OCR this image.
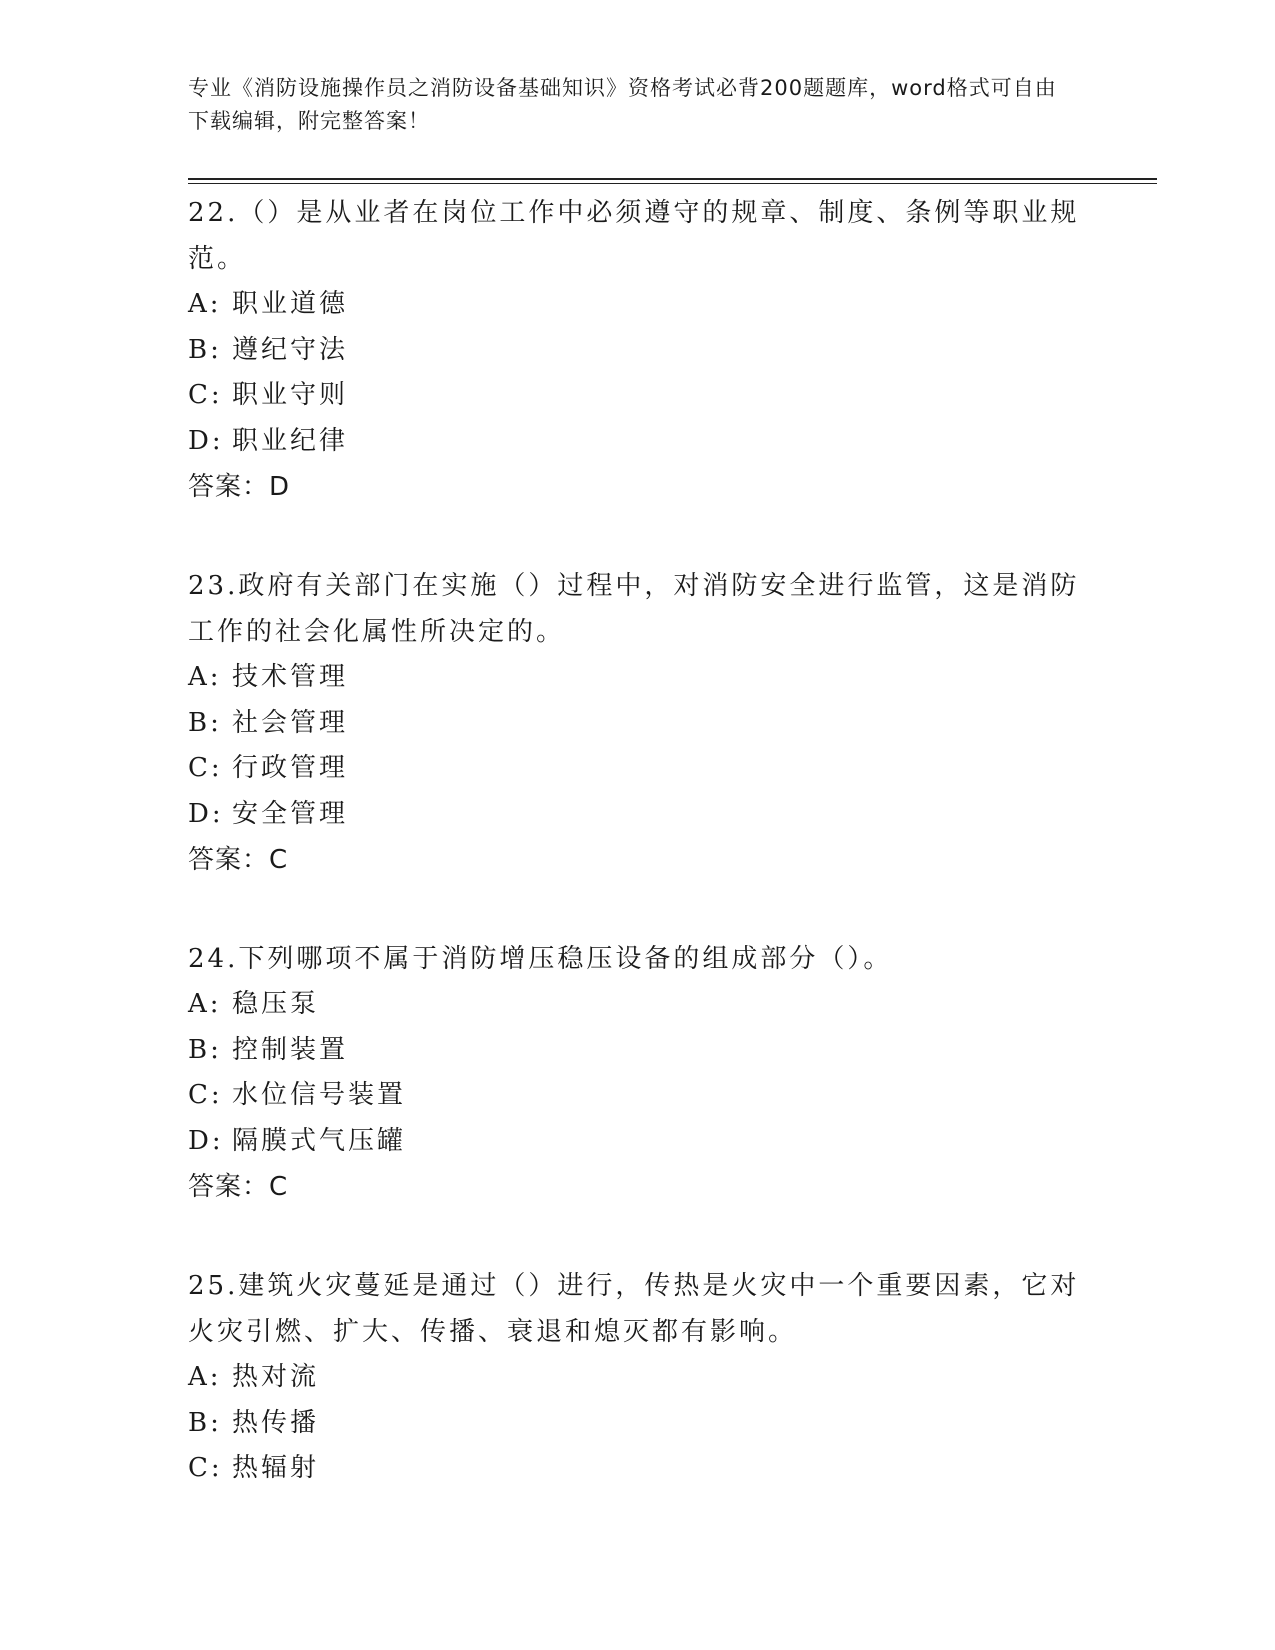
专业《消防设施操作员之消防设备基础知识》资格考试必背200题题库，word格式可自由下载编辑，附完整答案！
22.（）是从业者在岗位工作中必须遵守的规章、制度、条例等职业规范。
A: 职业道德
B: 遵纪守法
C: 职业守则
D: 职业纪律
答案：D
23.政府有关部门在实施（）过程中，对消防安全进行监管，这是消防工作的社会化属性所决定的。
A: 技术管理
B: 社会管理
C: 行政管理
D: 安全管理
答案：C
24.下列哪项不属于消防增压稳压设备的组成部分（）。
A: 稳压泵
B: 控制装置
C: 水位信号装置
D: 隔膜式气压罐
答案：C
25.建筑火灾蔓延是通过（）进行，传热是火灾中一个重要因素，它对火灾引燃、扩大、传播、衰退和熄灭都有影响。
A: 热对流
B: 热传播
C: 热辐射
